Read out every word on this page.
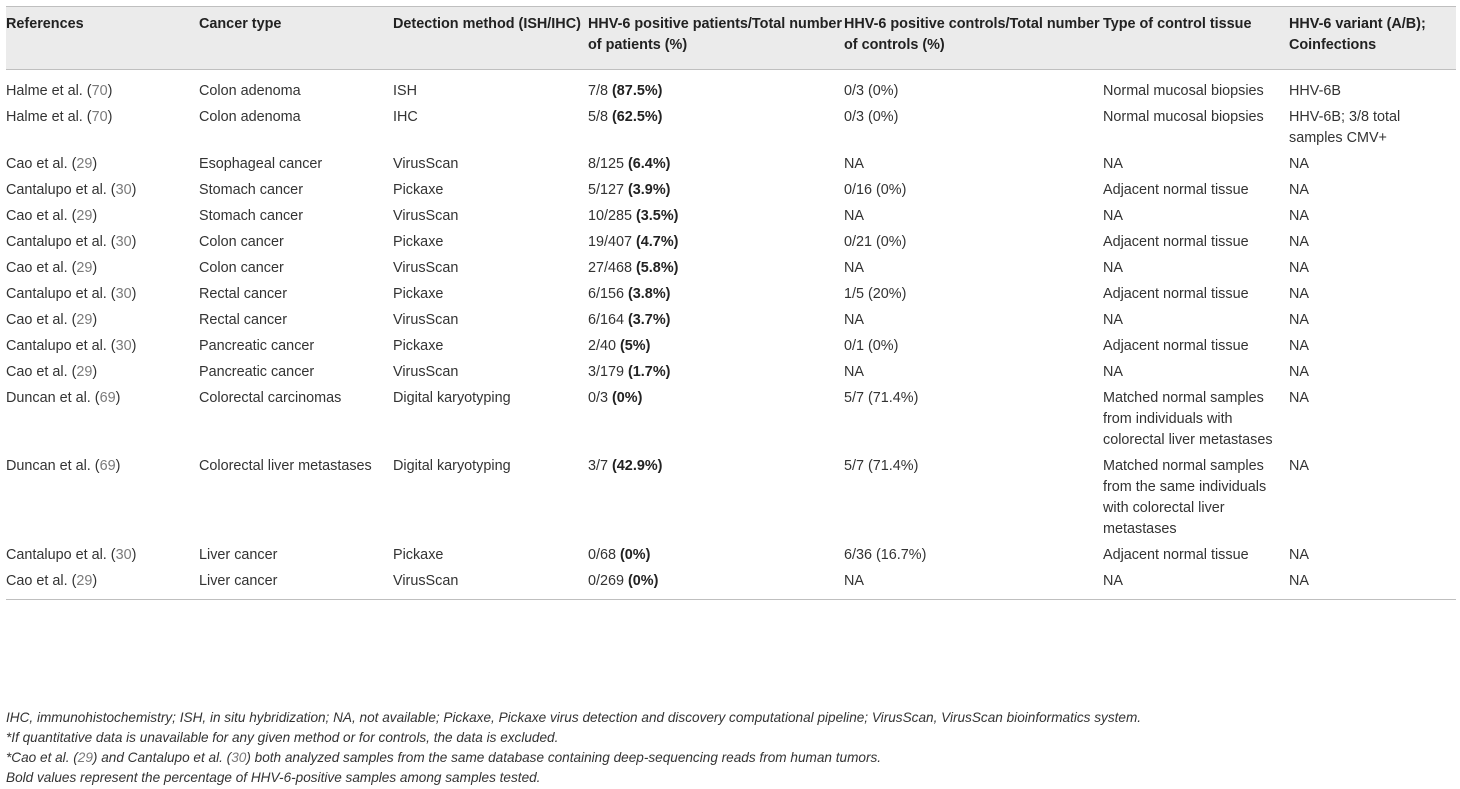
References	Cancer type	Detection method (ISH/IHC)	HHV-6 positive patients/Total number of patients (%)	HHV-6 positive controls/Total number of controls (%)	Type of control tissue	HHV-6 variant (A/B); Coinfections
Halme et al. (70)	Colon adenoma	ISH	7/8 (87.5%)	0/3 (0%)	Normal mucosal biopsies	HHV-6B
Halme et al. (70)	Colon adenoma	IHC	5/8 (62.5%)	0/3 (0%)	Normal mucosal biopsies	HHV-6B; 3/8 total samples CMV+
Cao et al. (29)	Esophageal cancer	VirusScan	8/125 (6.4%)	NA	NA	NA
Cantalupo et al. (30)	Stomach cancer	Pickaxe	5/127 (3.9%)	0/16 (0%)	Adjacent normal tissue	NA
Cao et al. (29)	Stomach cancer	VirusScan	10/285 (3.5%)	NA	NA	NA
Cantalupo et al. (30)	Colon cancer	Pickaxe	19/407 (4.7%)	0/21 (0%)	Adjacent normal tissue	NA
Cao et al. (29)	Colon cancer	VirusScan	27/468 (5.8%)	NA	NA	NA
Cantalupo et al. (30)	Rectal cancer	Pickaxe	6/156 (3.8%)	1/5 (20%)	Adjacent normal tissue	NA
Cao et al. (29)	Rectal cancer	VirusScan	6/164 (3.7%)	NA	NA	NA
Cantalupo et al. (30)	Pancreatic cancer	Pickaxe	2/40 (5%)	0/1 (0%)	Adjacent normal tissue	NA
Cao et al. (29)	Pancreatic cancer	VirusScan	3/179 (1.7%)	NA	NA	NA
Duncan et al. (69)	Colorectal carcinomas	Digital karyotyping	0/3 (0%)	5/7 (71.4%)	Matched normal samples from individuals with colorectal liver metastases	NA
Duncan et al. (69)	Colorectal liver metastases	Digital karyotyping	3/7 (42.9%)	5/7 (71.4%)	Matched normal samples from the same individuals with colorectal liver metastases	NA
Cantalupo et al. (30)	Liver cancer	Pickaxe	0/68 (0%)	6/36 (16.7%)	Adjacent normal tissue	NA
Cao et al. (29)	Liver cancer	VirusScan	0/269 (0%)	NA	NA	NA

IHC, immunohistochemistry; ISH, in situ hybridization; NA, not available; Pickaxe, Pickaxe virus detection and discovery computational pipeline; VirusScan, VirusScan bioinformatics system.

*If quantitative data is unavailable for any given method or for controls, the data is excluded.

*Cao et al. (29) and Cantalupo et al. (30) both analyzed samples from the same database containing deep-sequencing reads from human tumors.

Bold values represent the percentage of HHV-6-positive samples among samples tested.
